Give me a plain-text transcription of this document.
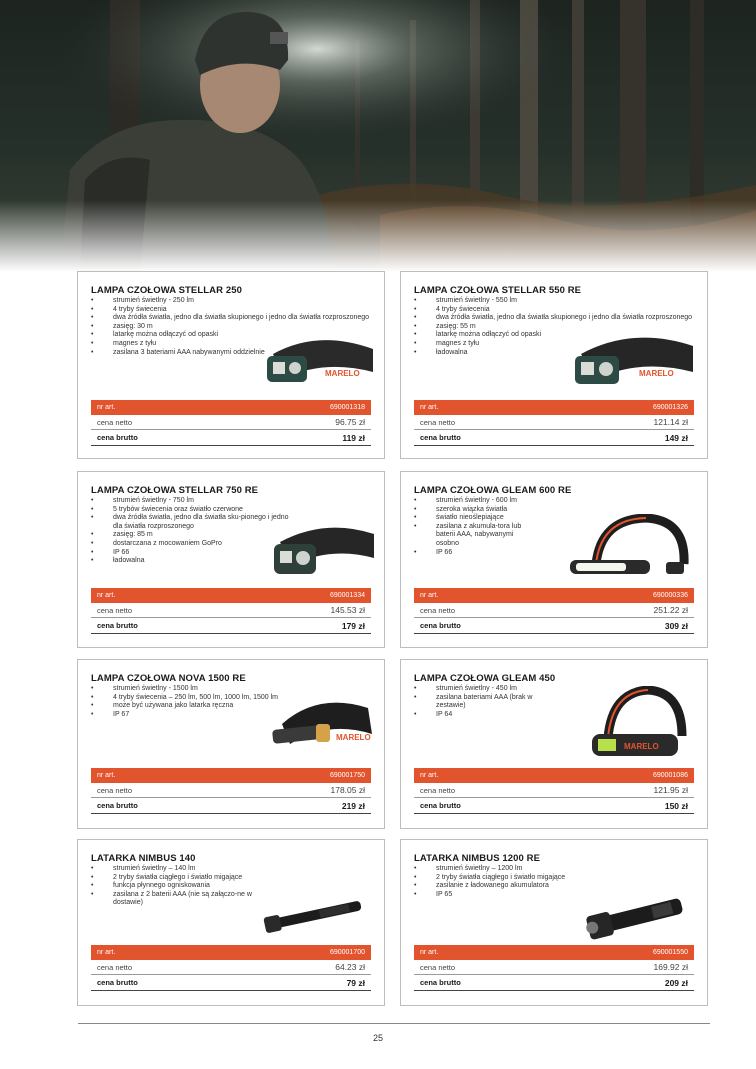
LAMPA CZOŁOWA STELLAR 250
• strumień świetlny - 250 lm
• 4 tryby świecenia
• dwa źródła światła, jedno dla światła skupionego i jedno dla światła rozproszonego
• zasięg: 30 m
• latarkę można odłączyć od opaski
• magnes z tyłu
• zasilana 3 bateriami AAA nabywanymi oddzielnie
MARELO
nr art.	690001318
cena netto	96.75 zł
cena brutto	119 zł
LAMPA CZOŁOWA STELLAR 550 RE
• strumień świetlny - 550 lm
• 4 tryby świecenia
• dwa źródła światła, jedno dla światła skupionego i jedno dla światła rozproszonego
• zasięg: 55 m
• latarkę można odłączyć od opaski
• magnes z tyłu
• ładowalna
MARELO
nr art.	690001326
cena netto	121.14 zł
cena brutto	149 zł
LAMPA CZOŁOWA STELLAR 750 RE
• strumień świetlny - 750 lm
• 5 trybów świecenia oraz światło czerwone
• dwa źródła światła, jedno dla światła sku-pionego i jedno dla światła rozproszonego
• zasięg: 85 m
• dostarczana z mocowaniem GoPro
• IP 66
• ładowalna
nr art.	690001334
cena netto	145.53 zł
cena brutto	179 zł
LAMPA CZOŁOWA GLEAM 600 RE
• strumień świetlny - 600 lm
• szeroka wiązka światła
• światło nieoślepiające
• zasilana z akumula-tora lub baterii AAA, nabywanymi osobno
• IP 66
nr art.	690000336
cena netto	251.22 zł
cena brutto	309 zł
LAMPA CZOŁOWA NOVA 1500 RE
• strumień świetlny - 1500 lm
• 4 tryby świecenia – 250 lm, 500 lm, 1000 lm, 1500 lm
• może być używana jako latarka ręczna
• IP 67
MARELO
nr art.	690001750
cena netto	178.05 zł
cena brutto	219 zł
LAMPA CZOŁOWA GLEAM 450
• strumień świetlny - 450 lm
• zasilana bateriami AAA (brak w zestawie)
• IP 64
MARELO
nr art.	690001086
cena netto	121.95 zł
cena brutto	150 zł
LATARKA NIMBUS 140
• strumień świetlny – 140 lm
• 2 tryby światła ciągłego i światło migające
• funkcja płynnego ogniskowania
• zasilana z 2 baterii AAA (nie są załączo-ne w dostawie)
nr art.	690001700
cena netto	64.23 zł
cena brutto	79 zł
LATARKA NIMBUS 1200 RE
• strumień świetlny – 1200 lm
• 2 tryby światła ciągłego i światło migające
• zasilanie z ładowanego akumulatora
• IP 65
nr art.	690001550
cena netto	169.92 zł
cena brutto	209 zł
25
